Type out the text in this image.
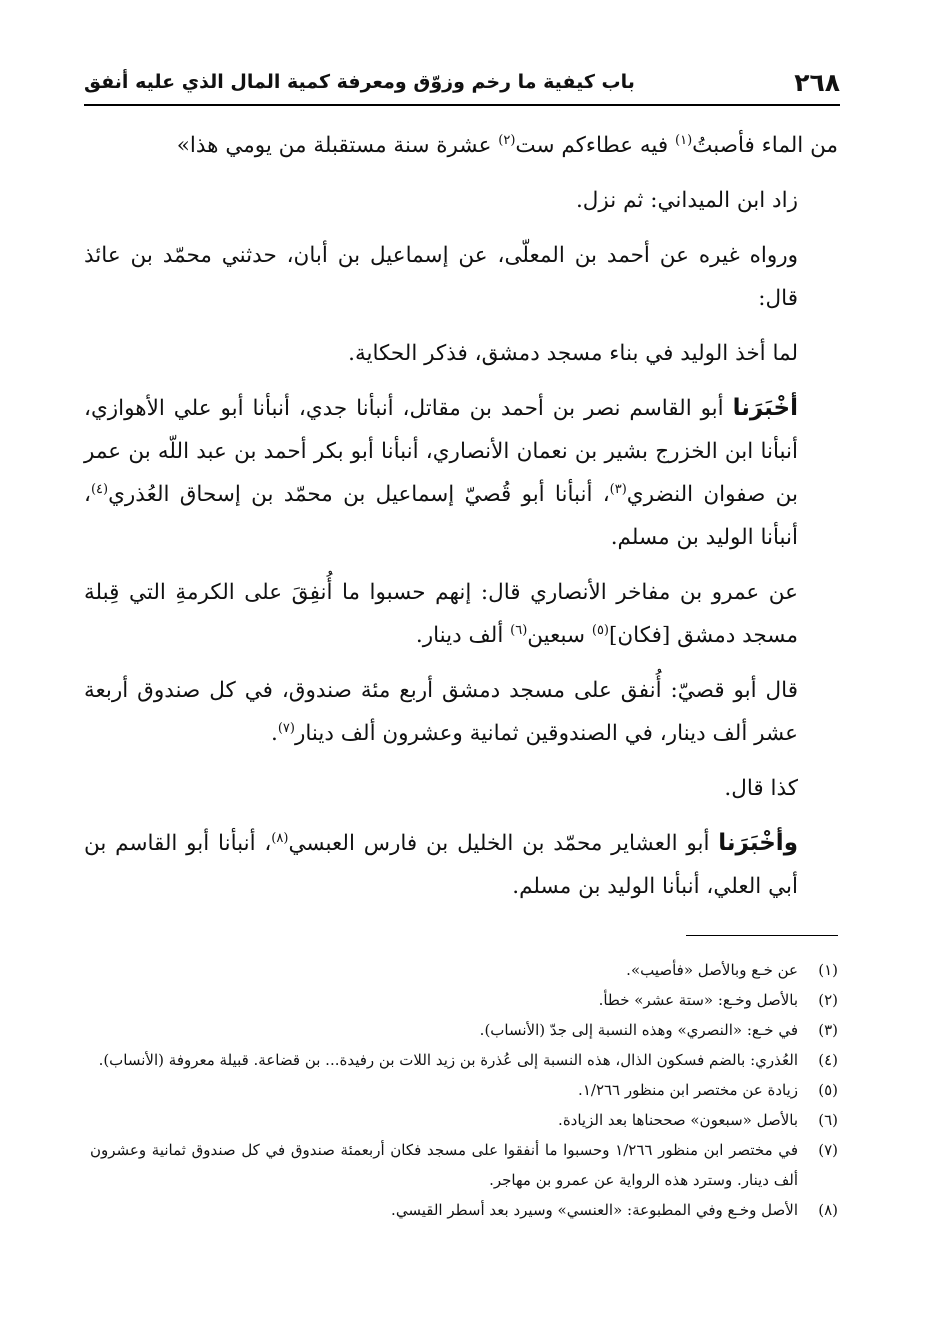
٢٦٨
باب كيفية ما رخم وزوّق ومعرفة كمية المال الذي عليه أنفق

من الماء فأصبتُ$^{(١)}$ فيه عطاءكم ست$^{(٢)}$ عشرة سنة مستقبلة من يومي هذا»

زاد ابن الميداني: ثم نزل.

ورواه غيره عن أحمد بن المعلّى، عن إسماعيل بن أبان، حدثني محمّد بن عائذ قال:

لما أخذ الوليد في بناء مسجد دمشق، فذكر الحكاية.

أخْبَرَنا أبو القاسم نصر بن أحمد بن مقاتل، أنبأنا جدي، أنبأنا أبو علي الأهوازي، أنبأنا ابن الخزرج بشير بن نعمان الأنصاري، أنبأنا أبو بكر أحمد بن عبد اللّه بن عمر بن صفوان النضري$^{(٣)}$، أنبأنا أبو قُصيّ إسماعيل بن محمّد بن إسحاق العُذري$^{(٤)}$، أنبأنا الوليد بن مسلم.

عن عمرو بن مفاخر الأنصاري قال: إنهم حسبوا ما أُنفِقَ على الكرمةِ التي قِبلة مسجد دمشق [فكان]$^{(٥)}$ سبعين$^{(٦)}$ ألف دينار.

قال أبو قصيّ: أُنفق على مسجد دمشق أربع مئة صندوق، في كل صندوق أربعة عشر ألف دينار، في الصندوقين ثمانية وعشرون ألف دينار$^{(٧)}$.

كذا قال.

وأخْبَرَنا أبو العشاير محمّد بن الخليل بن فارس العبسي$^{(٨)}$، أنبأنا أبو القاسم بن أبي العلي، أنبأنا الوليد بن مسلم.

(١)
عن خـع وبالأصل «فأصيب».
(٢)
بالأصل وخـع: «ستة عشر» خطأ.
(٣)
في خـع: «النصري» وهذه النسبة إلى جدّ (الأنساب).
(٤)
العُذري: بالضم فسكون الذال، هذه النسبة إلى عُذرة بن زيد اللات بن رفيدة... بن قضاعة. قبيلة معروفة (الأنساب).
(٥)
زيادة عن مختصر ابن منظور ١/٢٦٦.
(٦)
بالأصل «سبعون» صححناها بعد الزيادة.
(٧)
في مختصر ابن منظور ١/٢٦٦ وحسبوا ما أنفقوا على مسجد فكان أربعمئة صندوق في كل صندوق ثمانية وعشرون ألف دينار. وسترد هذه الرواية عن عمرو بن مهاجر.
(٨)
الأصل وخـع وفي المطبوعة: «العنسي» وسيرد بعد أسطر القيسي.
